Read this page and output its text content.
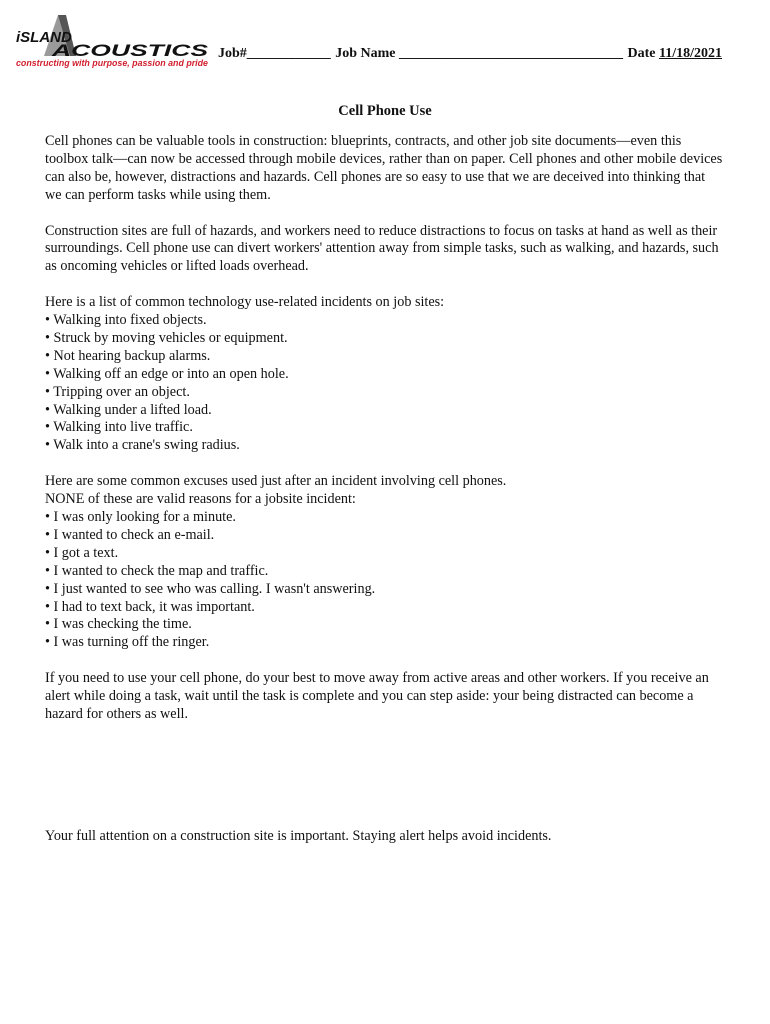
iSLAND
ACOUSTICS
constructing with purpose, passion and pride
Job#____________ Job Name ________________________________ Date 11/18/2021
Cell Phone Use

Cell phones can be valuable tools in construction: blueprints, contracts, and other job site documents—even this toolbox talk—can now be accessed through mobile devices, rather than on paper. Cell phones and other mobile devices can also be, however, distractions and hazards. Cell phones are so easy to use that we are deceived into thinking that we can perform tasks while using them.

Construction sites are full of hazards, and workers need to reduce distractions to focus on tasks at hand as well as their surroundings. Cell phone use can divert workers' attention away from simple tasks, such as walking, and hazards, such as oncoming vehicles or lifted loads overhead.

Here is a list of common technology use-related incidents on job sites:
• Walking into fixed objects.
• Struck by moving vehicles or equipment.
• Not hearing backup alarms.
• Walking off an edge or into an open hole.
• Tripping over an object.
• Walking under a lifted load.
• Walking into live traffic.
• Walk into a crane's swing radius.
Here are some common excuses used just after an incident involving cell phones.
NONE of these are valid reasons for a jobsite incident:
• I was only looking for a minute.
• I wanted to check an e-mail.
• I got a text.
• I wanted to check the map and traffic.
• I just wanted to see who was calling. I wasn't answering.
• I had to text back, it was important.
• I was checking the time.
• I was turning off the ringer.

If you need to use your cell phone, do your best to move away from active areas and other workers. If you receive an alert while doing a task, wait until the task is complete and you can step aside: your being distracted can become a hazard for others as well.

Your full attention on a construction site is important. Staying alert helps avoid incidents.
